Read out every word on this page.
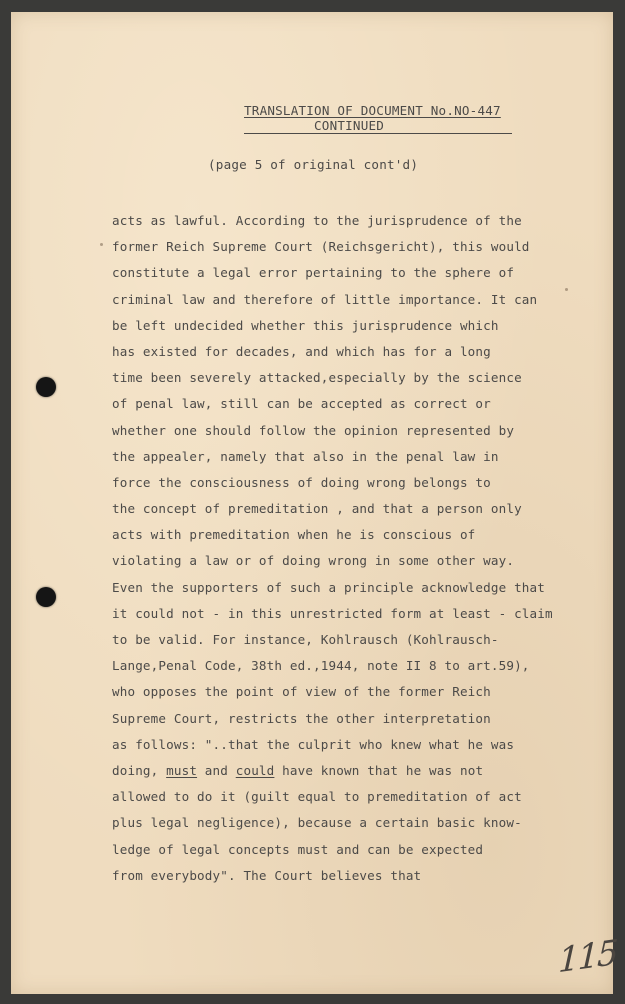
TRANSLATION OF DOCUMENT No.NO-447
CONTINUED
(page 5 of original cont'd)
acts as lawful. According to the jurisprudence of the
former Reich Supreme Court (Reichsgericht), this would
constitute a legal error pertaining to the sphere of
criminal law and therefore of little importance. It can
be left undecided whether this jurisprudence which
has existed for decades, and which has for a long
time been severely attacked,especially by the science
of penal law, still can be accepted as correct or
whether one should follow the opinion represented by
the appealer, namely that also in the penal law in
force the consciousness of doing wrong belongs to
the concept of premeditation , and that a person only
acts with premeditation when he is conscious of
violating a law or of doing wrong in some other way.
Even the supporters of such a principle acknowledge that
it could not - in this unrestricted form at least - claim
to be valid. For instance, Kohlrausch (Kohlrausch-
Lange,Penal Code, 38th ed.,1944, note II 8 to art.59),
who opposes the point of view of the former Reich
Supreme Court, restricts the other interpretation
as follows: "..that the culprit who knew what he was
doing, must and could have known that he was not
allowed to do it (guilt equal to premeditation of act
plus legal negligence), because a certain basic know-
ledge of legal concepts must and can be expected
from everybody". The Court believes that
115
